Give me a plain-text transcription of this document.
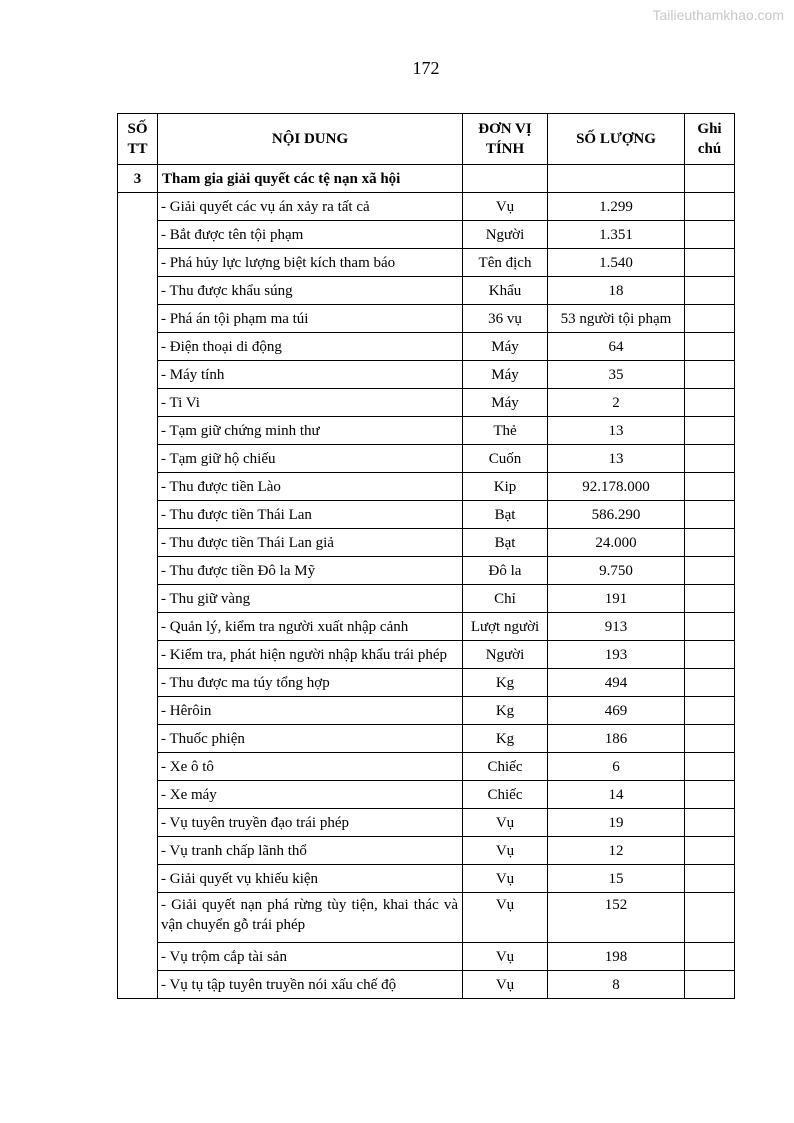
Tailieuthamkhao.com
172
SỐ TT	NỘI DUNG	ĐƠN VỊ TÍNH	SỐ LƯỢNG	Ghi chú
3	Tham gia giải quyết các tệ nạn xã hội			
	- Giải quyết các vụ án xảy ra tất cả	Vụ	1.299	
	- Bắt được tên tội phạm	Người	1.351	
	- Phá hủy lực lượng biệt kích tham báo	Tên địch	1.540	
	- Thu được khẩu súng	Khẩu	18	
	- Phá án tội phạm ma túi	36 vụ	53 người tội phạm	
	- Điện thoại di động	Máy	64	
	- Máy tính	Máy	35	
	- Ti Vi	Máy	2	
	- Tạm giữ chứng minh thư	Thẻ	13	
	- Tạm giữ hộ chiếu	Cuốn	13	
	- Thu được tiền Lào	Kip	92.178.000	
	- Thu được tiền Thái Lan	Bạt	586.290	
	- Thu được tiền Thái Lan giả	Bạt	24.000	
	- Thu được tiền Đô la Mỹ	Đô la	9.750	
	- Thu giữ vàng	Chỉ	191	
	- Quản lý, kiểm tra người xuất nhập cảnh	Lượt người	913	
	- Kiểm tra, phát hiện người nhập khẩu trái phép	Người	193	
	- Thu được ma túy tổng hợp	Kg	494	
	- Hêrôin	Kg	469	
	- Thuốc phiện	Kg	186	
	- Xe ô tô	Chiếc	6	
	- Xe máy	Chiếc	14	
	- Vụ tuyên truyền đạo trái phép	Vụ	19	
	- Vụ tranh chấp lãnh thổ	Vụ	12	
	- Giải quyết vụ khiếu kiện	Vụ	15	
	- Giải quyết nạn phá rừng tùy tiện, khai thác và vận chuyển gỗ trái phép	Vụ	152	
	- Vụ trộm cắp tài sản	Vụ	198	
	- Vụ tụ tập tuyên truyền nói xấu chế độ	Vụ	8	
